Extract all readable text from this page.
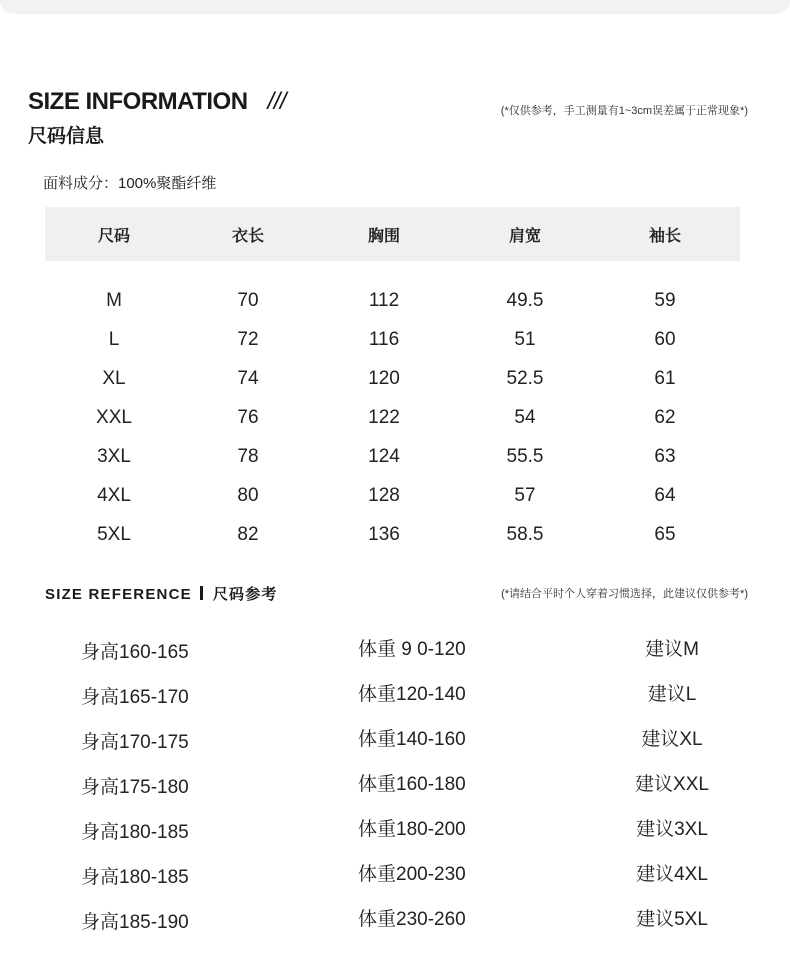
SIZE INFORMATION ///
尺码信息
(*仅供参考，手工测量有1~3cm误差属于正常现象*)
面料成分：100%聚酯纤维
尺码	衣长	胸围	肩宽	袖长
M	70	112	49.5	59
L	72	116	51	60
XL	74	120	52.5	61
XXL	76	122	54	62
3XL	78	124	55.5	63
4XL	80	128	57	64
5XL	82	136	58.5	65
SIZE REFERENCE 尺码参考	(*请结合平时个人穿着习惯选择，此建议仅供参考*)
身高160-165	体重 9 0-120	建议M
身高165-170	体重120-140	建议L
身高170-175	体重140-160	建议XL
身高175-180	体重160-180	建议XXL
身高180-185	体重180-200	建议3XL
身高180-185	体重200-230	建议4XL
身高185-190	体重230-260	建议5XL
